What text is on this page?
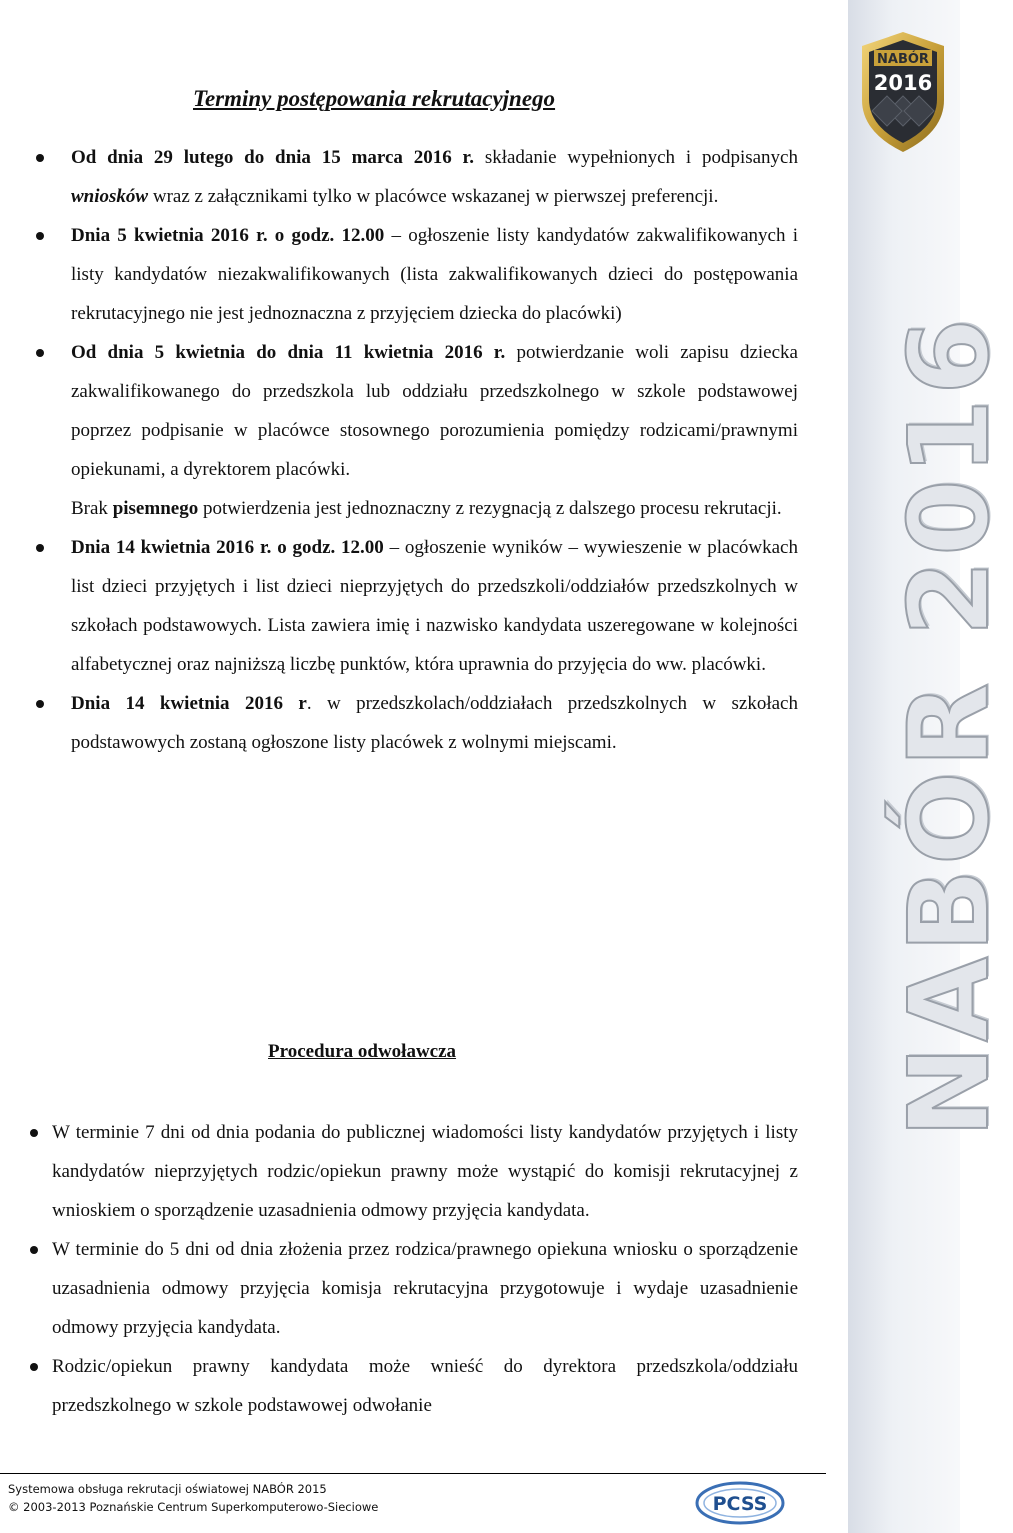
NABÓR
2016
NABÓR 2016
Terminy postępowania rekrutacyjnego
Od dnia 29 lutego do dnia 15 marca 2016 r. składanie wypełnionych i podpisanych wniosków wraz z załącznikami tylko w placówce wskazanej w pierwszej preferencji.
Dnia 5 kwietnia 2016 r. o godz. 12.00 – ogłoszenie listy kandydatów zakwalifikowanych i listy kandydatów niezakwalifikowanych (lista zakwalifikowanych dzieci do postępowania rekrutacyjnego nie jest jednoznaczna z przyjęciem dziecka do placówki)
Od dnia 5 kwietnia do dnia 11 kwietnia 2016 r. potwierdzanie woli zapisu dziecka zakwalifikowanego do przedszkola lub oddziału przedszkolnego w szkole podstawowej poprzez podpisanie w placówce stosownego porozumienia pomiędzy rodzicami/prawnymi opiekunami, a dyrektorem placówki.
Brak pisemnego potwierdzenia jest jednoznaczny z rezygnacją z dalszego procesu rekrutacji.
Dnia 14 kwietnia 2016 r. o godz. 12.00 – ogłoszenie wyników – wywieszenie w placówkach list dzieci przyjętych i list dzieci nieprzyjętych do przedszkoli/oddziałów przedszkolnych w szkołach podstawowych. Lista zawiera imię i nazwisko kandydata uszeregowane w kolejności alfabetycznej oraz najniższą liczbę punktów, która uprawnia do przyjęcia do ww. placówki.
Dnia 14 kwietnia 2016 r. w przedszkolach/oddziałach przedszkolnych w szkołach podstawowych zostaną ogłoszone listy placówek z wolnymi miejscami.
Procedura odwoławcza
W terminie 7 dni od dnia podania do publicznej wiadomości listy kandydatów przyjętych i listy kandydatów nieprzyjętych rodzic/opiekun prawny może wystąpić do komisji rekrutacyjnej z wnioskiem o sporządzenie uzasadnienia odmowy przyjęcia kandydata.
W terminie do 5 dni od dnia złożenia przez rodzica/prawnego opiekuna wniosku o sporządzenie uzasadnienia odmowy przyjęcia komisja rekrutacyjna przygotowuje i wydaje uzasadnienie odmowy przyjęcia kandydata.
Rodzic/opiekun prawny kandydata może wnieść do dyrektora przedszkola/oddziału przedszkolnego w szkole podstawowej odwołanie
Systemowa obsługa rekrutacji oświatowej NABÓR 2015
© 2003-2013 Poznańskie Centrum Superkomputerowo-Sieciowe	PCSS
